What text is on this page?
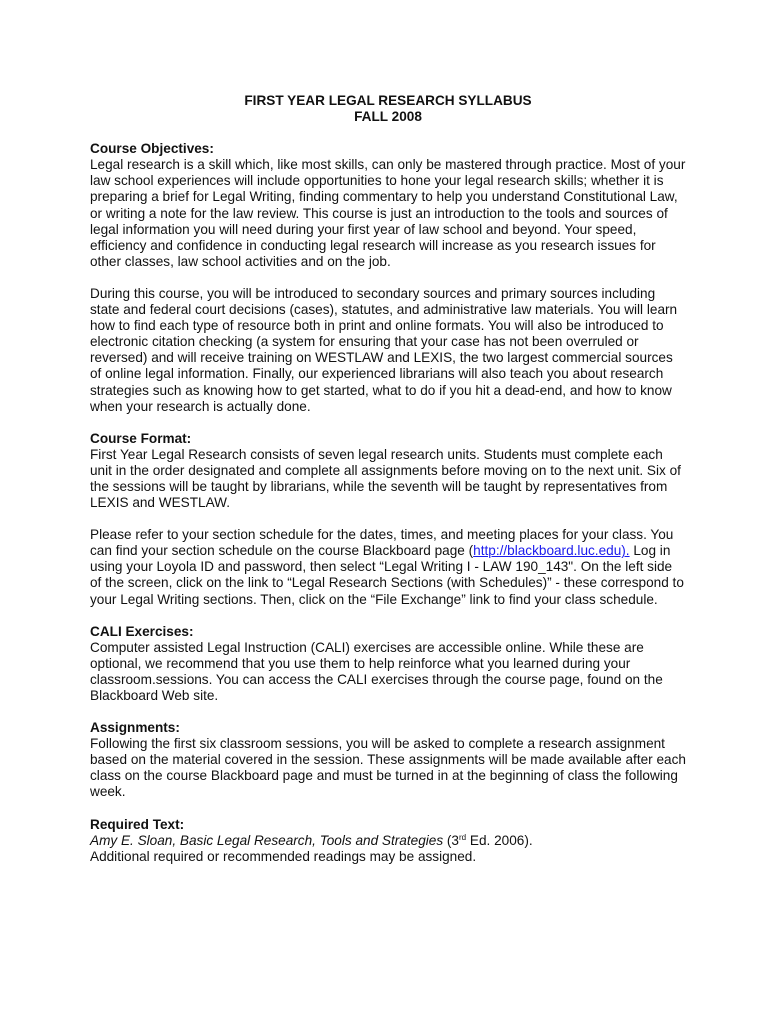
FIRST YEAR LEGAL RESEARCH SYLLABUS

FALL 2008

Course Objectives:

Legal research is a skill which, like most skills, can only be mastered through practice. Most of your law school experiences will include opportunities to hone your legal research skills; whether it is preparing a brief for Legal Writing, finding commentary to help you understand Constitutional Law, or writing a note for the law review. This course is just an introduction to the tools and sources of legal information you will need during your first year of law school and beyond. Your speed, efficiency and confidence in conducting legal research will increase as you research issues for other classes, law school activities and on the job.

During this course, you will be introduced to secondary sources and primary sources including state and federal court decisions (cases), statutes, and administrative law materials. You will learn how to find each type of resource both in print and online formats. You will also be introduced to electronic citation checking (a system for ensuring that your case has not been overruled or reversed) and will receive training on WESTLAW and LEXIS, the two largest commercial sources of online legal information. Finally, our experienced librarians will also teach you about research strategies such as knowing how to get started, what to do if you hit a dead-end, and how to know when your research is actually done.

Course Format:

First Year Legal Research consists of seven legal research units. Students must complete each unit in the order designated and complete all assignments before moving on to the next unit. Six of the sessions will be taught by librarians, while the seventh will be taught by representatives from LEXIS and WESTLAW.

Please refer to your section schedule for the dates, times, and meeting places for your class. You can find your section schedule on the course Blackboard page (http://blackboard.luc.edu). Log in using your Loyola ID and password, then select “Legal Writing I - LAW 190_143". On the left side of the screen, click on the link to “Legal Research Sections (with Schedules)” - these correspond to your Legal Writing sections. Then, click on the “File Exchange” link to find your class schedule.

CALI Exercises:

Computer assisted Legal Instruction (CALI) exercises are accessible online. While these are optional, we recommend that you use them to help reinforce what you learned during your classroom.sessions. You can access the CALI exercises through the course page, found on the Blackboard Web site.

Assignments:

Following the first six classroom sessions, you will be asked to complete a research assignment based on the material covered in the session. These assignments will be made available after each class on the course Blackboard page and must be turned in at the beginning of class the following week.

Required Text:

Amy E. Sloan, Basic Legal Research, Tools and Strategies (3rd Ed. 2006).

Additional required or recommended readings may be assigned.
